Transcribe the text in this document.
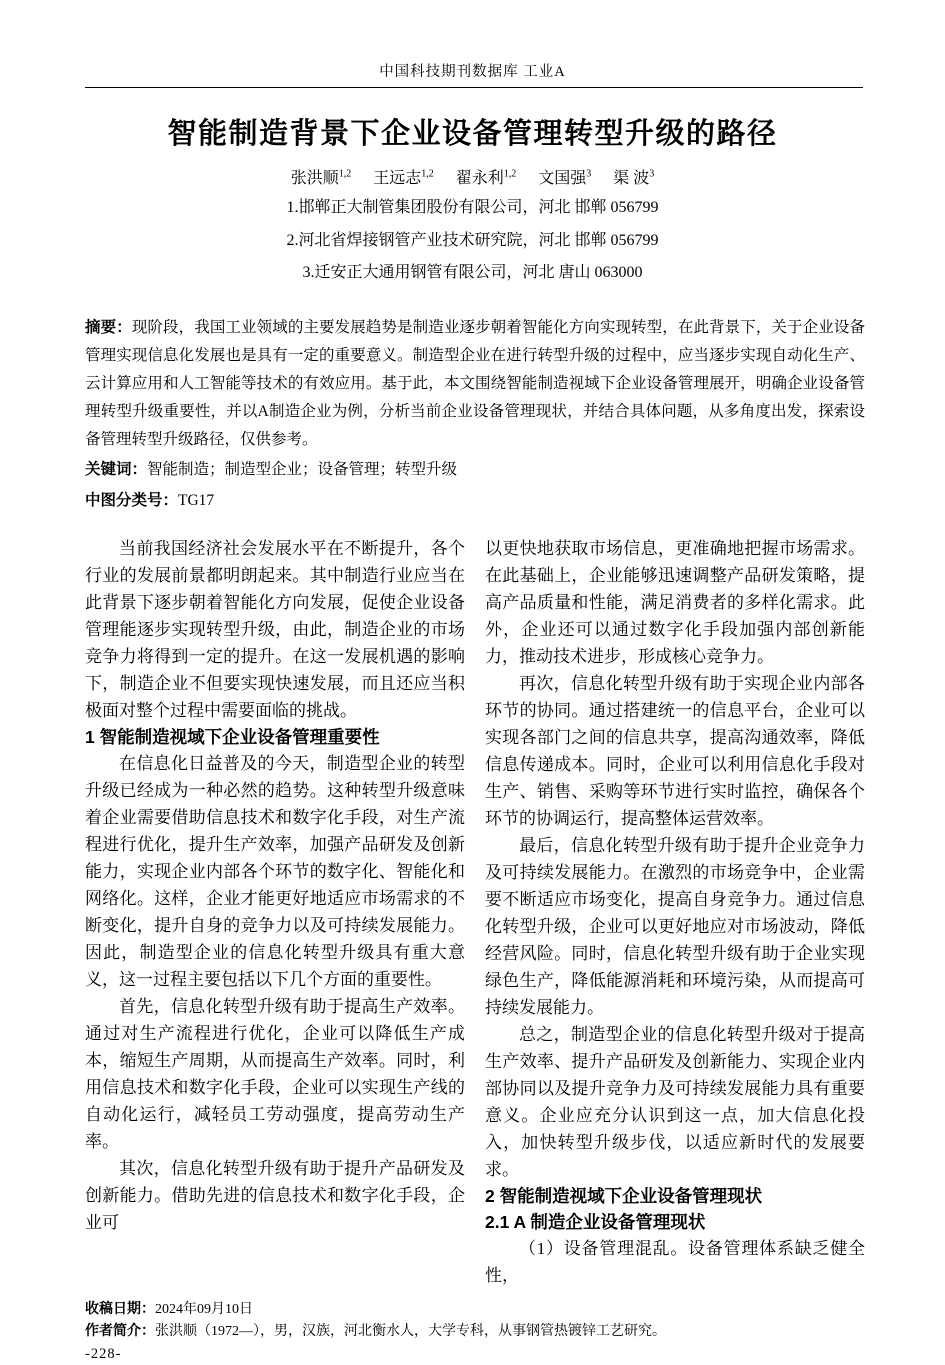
中国科技期刊数据库 工业A
智能制造背景下企业设备管理转型升级的路径
张洪顺$^{1,2}$ 王远志$^{1,2}$ 翟永利$^{1,2}$ 文国强$^3$ 渠 波$^3$
1.邯郸正大制管集团股份有限公司，河北 邯郸 056799
2.河北省焊接钢管产业技术研究院，河北 邯郸 056799
3.迁安正大通用钢管有限公司，河北 唐山 063000
摘要：现阶段，我国工业领域的主要发展趋势是制造业逐步朝着智能化方向实现转型，在此背景下，关于企业设备管理实现信息化发展也是具有一定的重要意义。制造型企业在进行转型升级的过程中，应当逐步实现自动化生产、云计算应用和人工智能等技术的有效应用。基于此，本文围绕智能制造视域下企业设备管理展开，明确企业设备管理转型升级重要性，并以A制造企业为例，分析当前企业设备管理现状，并结合具体问题，从多角度出发，探索设备管理转型升级路径，仅供参考。
关键词：智能制造；制造型企业；设备管理；转型升级
中图分类号：TG17

当前我国经济社会发展水平在不断提升，各个行业的发展前景都明朗起来。其中制造行业应当在此背景下逐步朝着智能化方向发展，促使企业设备管理能逐步实现转型升级，由此，制造企业的市场竞争力将得到一定的提升。在这一发展机遇的影响下，制造企业不但要实现快速发展，而且还应当积极面对整个过程中需要面临的挑战。

1 智能制造视域下企业设备管理重要性

在信息化日益普及的今天，制造型企业的转型升级已经成为一种必然的趋势。这种转型升级意味着企业需要借助信息技术和数字化手段，对生产流程进行优化，提升生产效率，加强产品研发及创新能力，实现企业内部各个环节的数字化、智能化和网络化。这样，企业才能更好地适应市场需求的不断变化，提升自身的竞争力以及可持续发展能力。因此，制造型企业的信息化转型升级具有重大意义，这一过程主要包括以下几个方面的重要性。

首先，信息化转型升级有助于提高生产效率。通过对生产流程进行优化，企业可以降低生产成本，缩短生产周期，从而提高生产效率。同时，利用信息技术和数字化手段，企业可以实现生产线的自动化运行，减轻员工劳动强度，提高劳动生产率。

其次，信息化转型升级有助于提升产品研发及创新能力。借助先进的信息技术和数字化手段，企业可

以更快地获取市场信息，更准确地把握市场需求。在此基础上，企业能够迅速调整产品研发策略，提高产品质量和性能，满足消费者的多样化需求。此外，企业还可以通过数字化手段加强内部创新能力，推动技术进步，形成核心竞争力。

再次，信息化转型升级有助于实现企业内部各环节的协同。通过搭建统一的信息平台，企业可以实现各部门之间的信息共享，提高沟通效率，降低信息传递成本。同时，企业可以利用信息化手段对生产、销售、采购等环节进行实时监控，确保各个环节的协调运行，提高整体运营效率。

最后，信息化转型升级有助于提升企业竞争力及可持续发展能力。在激烈的市场竞争中，企业需要不断适应市场变化，提高自身竞争力。通过信息化转型升级，企业可以更好地应对市场波动，降低经营风险。同时，信息化转型升级有助于企业实现绿色生产，降低能源消耗和环境污染，从而提高可持续发展能力。

总之，制造型企业的信息化转型升级对于提高生产效率、提升产品研发及创新能力、实现企业内部协同以及提升竞争力及可持续发展能力具有重要意义。企业应充分认识到这一点，加大信息化投入，加快转型升级步伐，以适应新时代的发展要求。

2 智能制造视域下企业设备管理现状
2.1 A 制造企业设备管理现状

（1）设备管理混乱。设备管理体系缺乏健全性，

收稿日期：2024年09月10日
作者简介：张洪顺（1972—），男，汉族，河北衡水人，大学专科，从事钢管热镀锌工艺研究。
-228-
